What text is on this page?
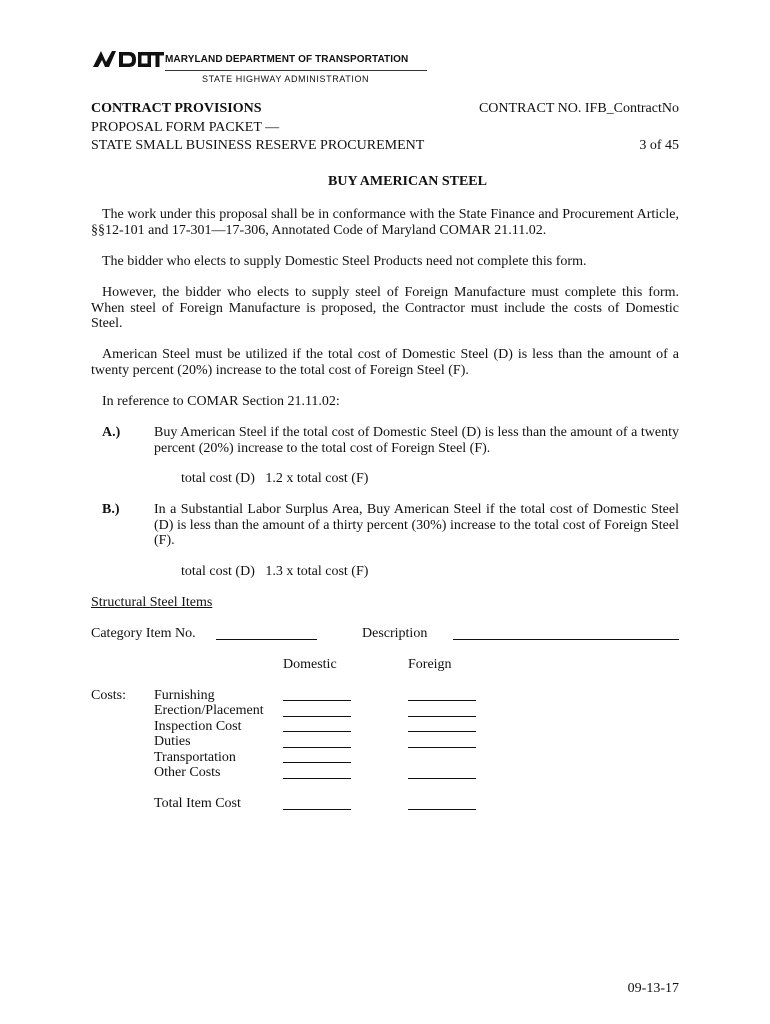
MARYLAND DEPARTMENT OF TRANSPORTATION
STATE HIGHWAY ADMINISTRATION
CONTRACT PROVISIONS	CONTRACT NO. IFB_ContractNo
PROPOSAL FORM PACKET —
STATE SMALL BUSINESS RESERVE PROCUREMENT	3 of 45
BUY AMERICAN STEEL
The work under this proposal shall be in conformance with the State Finance and Procurement Article, §§12-101 and 17-301—17-306, Annotated Code of Maryland COMAR 21.11.02.
The bidder who elects to supply Domestic Steel Products need not complete this form.
However, the bidder who elects to supply steel of Foreign Manufacture must complete this form. When steel of Foreign Manufacture is proposed, the Contractor must include the costs of Domestic Steel.
American Steel must be utilized if the total cost of Domestic Steel (D) is less than the amount of a twenty percent (20%) increase to the total cost of Foreign Steel (F).
In reference to COMAR Section 21.11.02:
A.) Buy American Steel if the total cost of Domestic Steel (D) is less than the amount of a twenty percent (20%) increase to the total cost of Foreign Steel (F).
total cost (D)   1.2 x total cost (F)
B.) In a Substantial Labor Surplus Area, Buy American Steel if the total cost of Domestic Steel (D) is less than the amount of a thirty percent (30%) increase to the total cost of Foreign Steel (F).
total cost (D)   1.3 x total cost (F)
Structural Steel Items
Category Item No.	Description
Domestic	Foreign
Costs: Furnishing
Erection/Placement
Inspection Cost
Duties
Transportation
Other Costs
Total Item Cost
09-13-17
